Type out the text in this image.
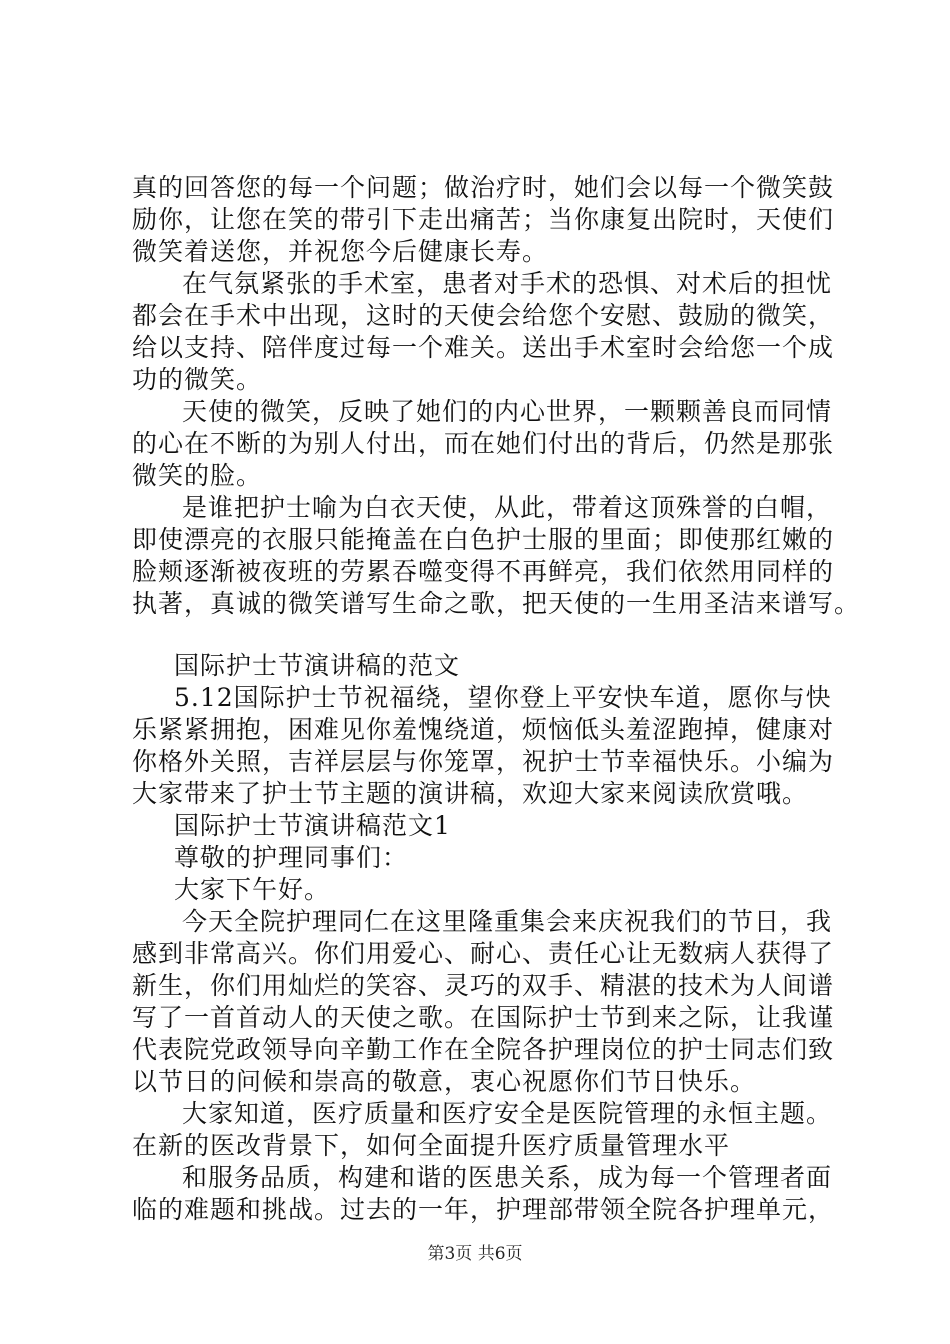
真的回答您的每一个问题；做治疗时，她们会以每一个微笑鼓
励你，让您在笑的带引下走出痛苦；当你康复出院时，天使们
微笑着送您，并祝您今后健康长寿。
在气氛紧张的手术室，患者对手术的恐惧、对术后的担忧
都会在手术中出现，这时的天使会给您个安慰、鼓励的微笑，
给以支持、陪伴度过每一个难关。送出手术室时会给您一个成
功的微笑。
天使的微笑，反映了她们的内心世界，一颗颗善良而同情
的心在不断的为别人付出，而在她们付出的背后，仍然是那张
微笑的脸。
是谁把护士喻为白衣天使，从此，带着这顶殊誉的白帽，
即使漂亮的衣服只能掩盖在白色护士服的里面；即使那红嫩的
脸颊逐渐被夜班的劳累吞噬变得不再鲜亮，我们依然用同样的
执著，真诚的微笑谱写生命之歌，把天使的一生用圣洁来谱写。
国际护士节演讲稿的范文
5.12国际护士节祝福绕，望你登上平安快车道，愿你与快
乐紧紧拥抱，困难见你羞愧绕道，烦恼低头羞涩跑掉，健康对
你格外关照，吉祥层层与你笼罩，祝护士节幸福快乐。小编为
大家带来了护士节主题的演讲稿，欢迎大家来阅读欣赏哦。
国际护士节演讲稿范文1
尊敬的护理同事们：
大家下午好。
今天全院护理同仁在这里隆重集会来庆祝我们的节日，我
感到非常高兴。你们用爱心、耐心、责任心让无数病人获得了
新生，你们用灿烂的笑容、灵巧的双手、精湛的技术为人间谱
写了一首首动人的天使之歌。在国际护士节到来之际，让我谨
代表院党政领导向辛勤工作在全院各护理岗位的护士同志们致
以节日的问候和崇高的敬意，衷心祝愿你们节日快乐。
大家知道，医疗质量和医疗安全是医院管理的永恒主题。
在新的医改背景下，如何全面提升医疗质量管理水平
和服务品质，构建和谐的医患关系，成为每一个管理者面
临的难题和挑战。过去的一年，护理部带领全院各护理单元，
第3页 共6页
